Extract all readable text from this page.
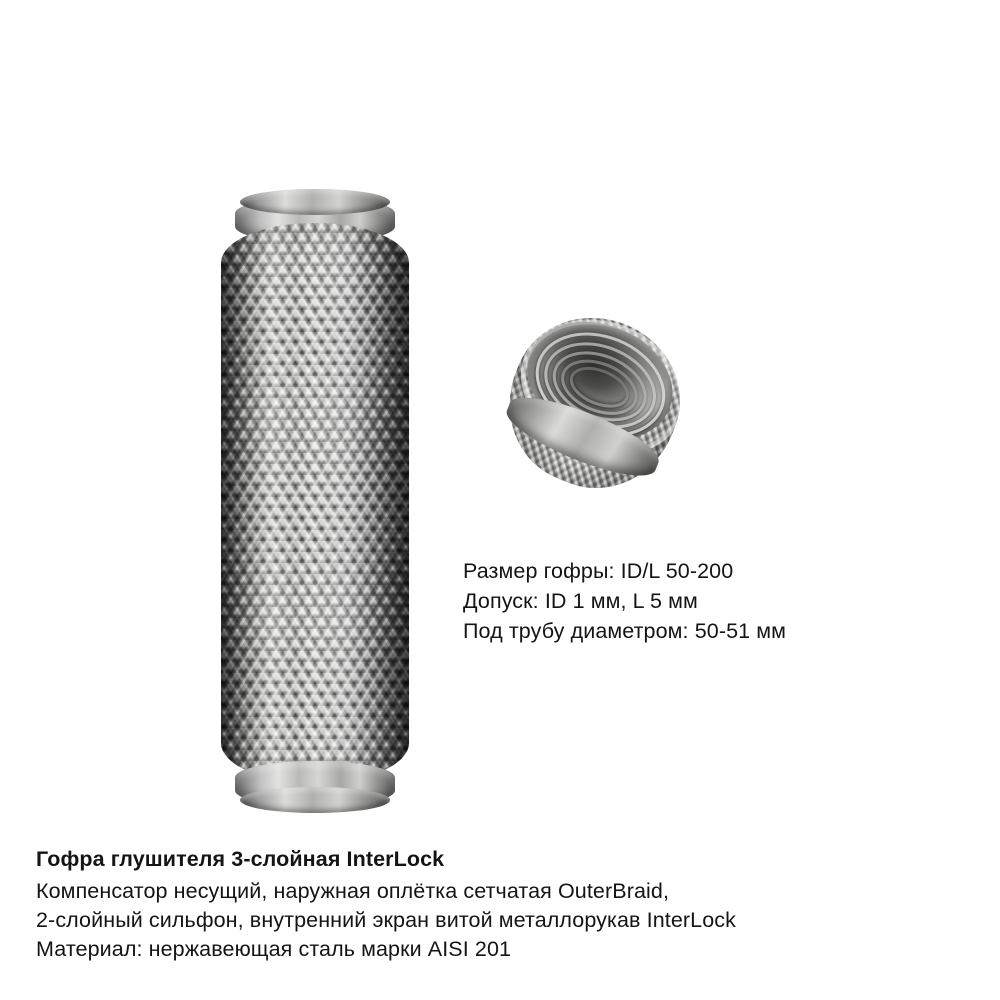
Размер гофры: ID/L 50-200
Допуск: ID 1 мм, L 5 мм
Под трубу диаметром: 50-51 мм
Гофра глушителя 3-слойная InterLock
Компенсатор несущий, наружная оплётка сетчатая OuterBraid,
2-слойный сильфон, внутренний экран витой металлорукав InterLock
Материал: нержавеющая сталь марки AISI 201
